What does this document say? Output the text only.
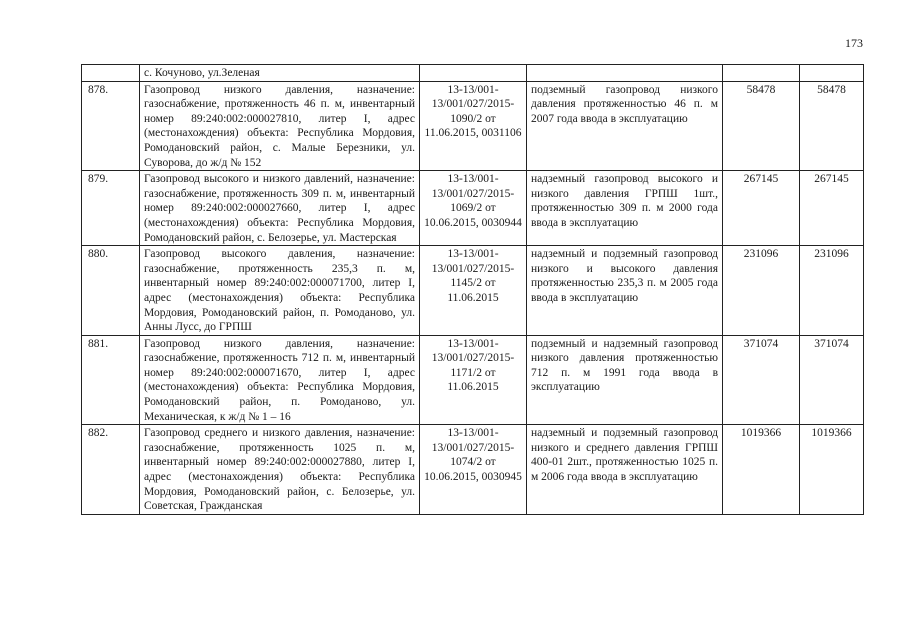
173
	с. Кочуново, ул.Зеленая				
878.	Газопровод низкого давления, назначение: газоснабжение, протяженность 46 п. м, инвентарный номер 89:240:002:000027810, литер I, адрес (местонахождения) объекта: Республика Мордовия, Ромодановский район, с. Малые Березники, ул. Суворова, до ж/д № 152	13-13/001-13/001/027/2015-1090/2 от 11.06.2015, 0031106	подземный газопровод низкого давления протяженностью 46 п. м 2007 года ввода в эксплуатацию	58478	58478
879.	Газопровод высокого и низкого давлений, назначение: газоснабжение, протяженность 309 п. м, инвентарный номер 89:240:002:000027660, литер I, адрес (местонахождения) объекта: Республика Мордовия, Ромодановский район, с. Белозерье, ул. Мастерская	13-13/001-13/001/027/2015-1069/2 от 10.06.2015, 0030944	надземный газопровод высокого и низкого давления ГРПШ 1шт., протяженностью 309 п. м 2000 года ввода в эксплуатацию	267145	267145
880.	Газопровод высокого давления, назначение: газоснабжение, протяженность 235,3 п. м, инвентарный номер 89:240:002:000071700, литер I, адрес (местонахождения) объекта: Республика Мордовия, Ромодановский район, п. Ромоданово, ул. Анны Лусс, до ГРПШ	13-13/001-13/001/027/2015-1145/2 от 11.06.2015	надземный и подземный газопровод низкого и высокого давления протяженностью 235,3 п. м 2005 года ввода в эксплуатацию	231096	231096
881.	Газопровод низкого давления, назначение: газоснабжение, протяженность 712 п. м, инвентарный номер 89:240:002:000071670, литер I, адрес (местонахождения) объекта: Республика Мордовия, Ромодановский район, п. Ромоданово, ул. Механическая, к ж/д № 1 – 16	13-13/001-13/001/027/2015-1171/2 от 11.06.2015	подземный и надземный газопровод низкого давления протяженностью 712 п. м 1991 года ввода в эксплуатацию	371074	371074
882.	Газопровод среднего и низкого давления, назначение: газоснабжение, протяженность 1025 п. м, инвентарный номер 89:240:002:000027880, литер I, адрес (местонахождения) объекта: Республика Мордовия, Ромодановский район, с. Белозерье, ул. Советская, Гражданская	13-13/001-13/001/027/2015-1074/2 от 10.06.2015, 0030945	надземный и подземный газопровод низкого и среднего давления ГРПШ 400-01 2шт., протяженностью 1025 п. м 2006 года ввода в эксплуатацию	1019366	1019366
